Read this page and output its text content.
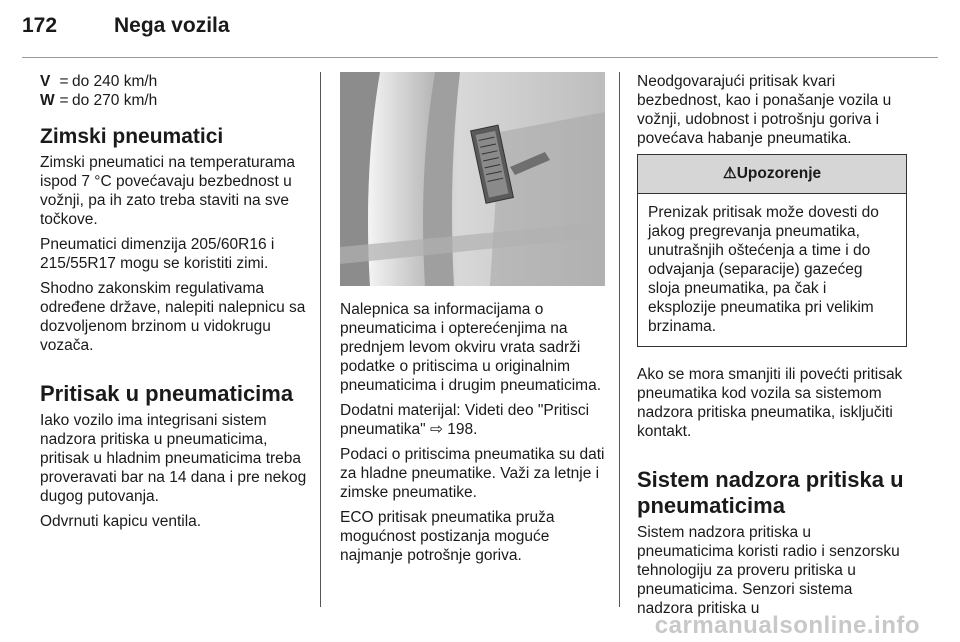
172	Nega vozila
V = do 240 km/h
W = do 270 km/h
Zimski pneumatici

Zimski pneumatici na temperaturama ispod 7 °C povećavaju bezbednost u vožnji, pa ih zato treba staviti na sve točkove.

Pneumatici dimenzija 205/60R16 i 215/55R17 mogu se koristiti zimi.

Shodno zakonskim regulativama određene države, nalepiti nalepnicu sa dozvoljenom brzinom u vidokrugu vozača.

Pritisak u pneumaticima

Iako vozilo ima integrisani sistem nadzora pritiska u pneumaticima, pritisak u hladnim pneumaticima treba proveravati bar na 14 dana i pre nekog dugog putovanja.

Odvrnuti kapicu ventila.

Nalepnica sa informacijama o pneumaticima i opterećenjima na prednjem levom okviru vrata sadrži podatke o pritiscima u originalnim pneumaticima i drugim pneumaticima.

Dodatni materijal: Videti deo "Pritisci pneumatika" ⇨ 198.

Podaci o pritiscima pneumatika su dati za hladne pneumatike. Važi za letnje i zimske pneumatike.

ECO pritisak pneumatika pruža mogućnost postizanja moguće najmanje potrošnje goriva.

Neodgovarajući pritisak kvari bezbednost, kao i ponašanje vozila u vožnji, udobnost i potrošnju goriva i povećava habanje pneumatika.

⚠Upozorenje
Prenizak pritisak može dovesti do jakog pregrevanja pneumatika, unutrašnjih oštećenja a time i do odvajanja (separacije) gazećeg sloja pneumatika, pa čak i eksplozije pneumatika pri velikim brzinama.

Ako se mora smanjiti ili povećti pritisak pneumatika kod vozila sa sistemom nadzora pritiska pneumatika, isključiti kontakt.

Sistem nadzora pritiska u pneumaticima

Sistem nadzora pritiska u pneumaticima koristi radio i senzorsku tehnologiju za proveru pritiska u pneumaticima. Senzori sistema nadzora pritiska u

carmanualsonline.info
